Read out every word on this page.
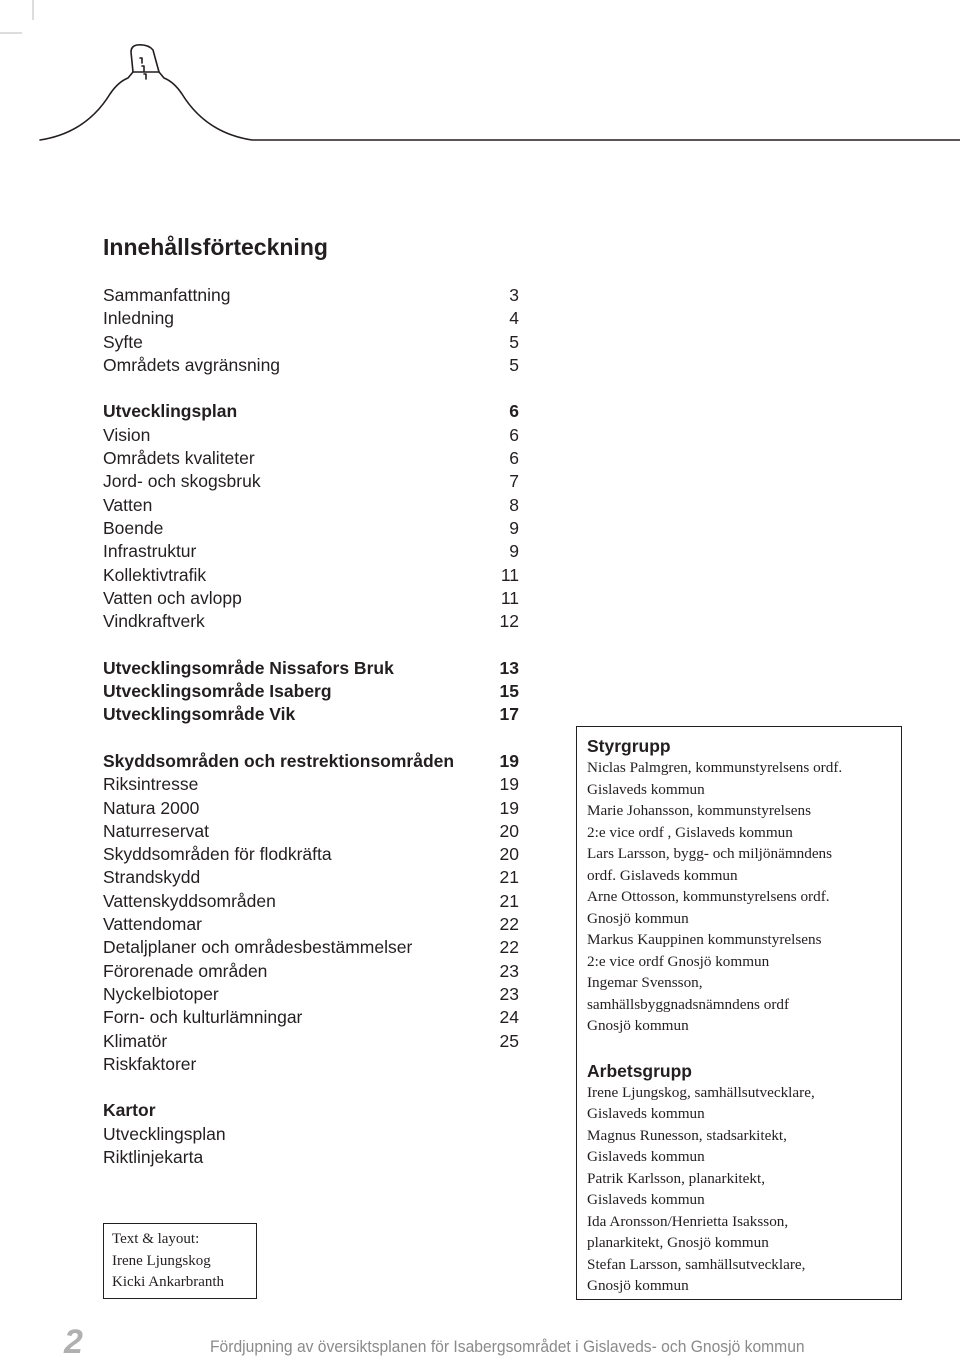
Innehållsförteckning
Sammanfattning	3
Inledning	4
Syfte	5
Områdets avgränsning	5
Utvecklingsplan	6
Vision	6
Områdets kvaliteter	6
Jord- och skogsbruk	7
Vatten	8
Boende	9
Infrastruktur	9
Kollektivtrafik	11
Vatten och avlopp	11
Vindkraftverk	12
Utvecklingsområde Nissafors Bruk	13
Utvecklingsområde Isaberg	15
Utvecklingsområde Vik	17
Skyddsområden och restrektionsområden	19
Riksintresse	19
Natura 2000	19
Naturreservat	20
Skyddsområden för flodkräfta	20
Strandskydd	21
Vattenskyddsområden	21
Vattendomar	22
Detaljplaner och områdesbestämmelser	22
Förorenade områden	23
Nyckelbiotoper	23
Forn- och kulturlämningar	24
Klimatör	25
Riskfaktorer
Kartor
Utvecklingsplan
Riktlinjekarta
Text & layout:
Irene Ljungskog
Kicki Ankarbranth
Styrgrupp
Niclas Palmgren, kommunstyrelsens ordf.
Gislaveds kommun
Marie Johansson, kommunstyrelsens
2:e vice ordf , Gislaveds kommun
Lars Larsson, bygg- och miljönämndens
ordf. Gislaveds kommun
Arne Ottosson, kommunstyrelsens ordf.
Gnosjö kommun
Markus Kauppinen kommunstyrelsens
2:e vice ordf Gnosjö kommun
Ingemar Svensson,
samhällsbyggnadsnämndens ordf
Gnosjö kommun
Arbetsgrupp
Irene Ljungskog, samhällsutvecklare,
Gislaveds kommun
Magnus Runesson, stadsarkitekt,
Gislaveds kommun
Patrik Karlsson, planarkitekt,
Gislaveds kommun
Ida Aronsson/Henrietta Isaksson,
planarkitekt, Gnosjö kommun
Stefan Larsson, samhällsutvecklare,
Gnosjö kommun
2	Fördjupning av översiktsplanen för Isabergsområdet i Gislaveds- och Gnosjö kommun
